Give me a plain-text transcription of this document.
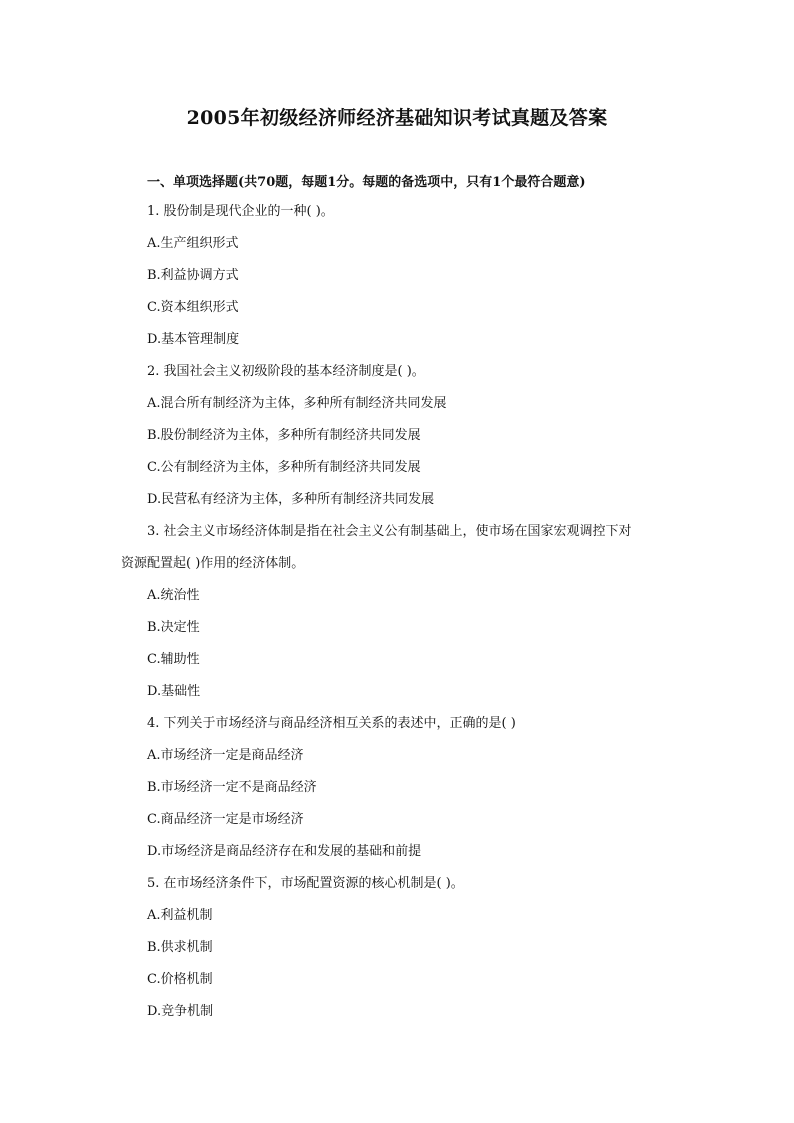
2005年初级经济师经济基础知识考试真题及答案
一、单项选择题(共70题，每题1分。每题的备选项中，只有1个最符合题意)
1. 股份制是现代企业的一种( )。
A.生产组织形式
B.利益协调方式
C.资本组织形式
D.基本管理制度
2. 我国社会主义初级阶段的基本经济制度是( )。
A.混合所有制经济为主体，多种所有制经济共同发展
B.股份制经济为主体，多种所有制经济共同发展
C.公有制经济为主体，多种所有制经济共同发展
D.民营私有经济为主体，多种所有制经济共同发展
3. 社会主义市场经济体制是指在社会主义公有制基础上，使市场在国家宏观调控下对
资源配置起( )作用的经济体制。
A.统治性
B.决定性
C.辅助性
D.基础性
4. 下列关于市场经济与商品经济相互关系的表述中，正确的是( )
A.市场经济一定是商品经济
B.市场经济一定不是商品经济
C.商品经济一定是市场经济
D.市场经济是商品经济存在和发展的基础和前提
5. 在市场经济条件下，市场配置资源的核心机制是( )。
A.利益机制
B.供求机制
C.价格机制
D.竞争机制
